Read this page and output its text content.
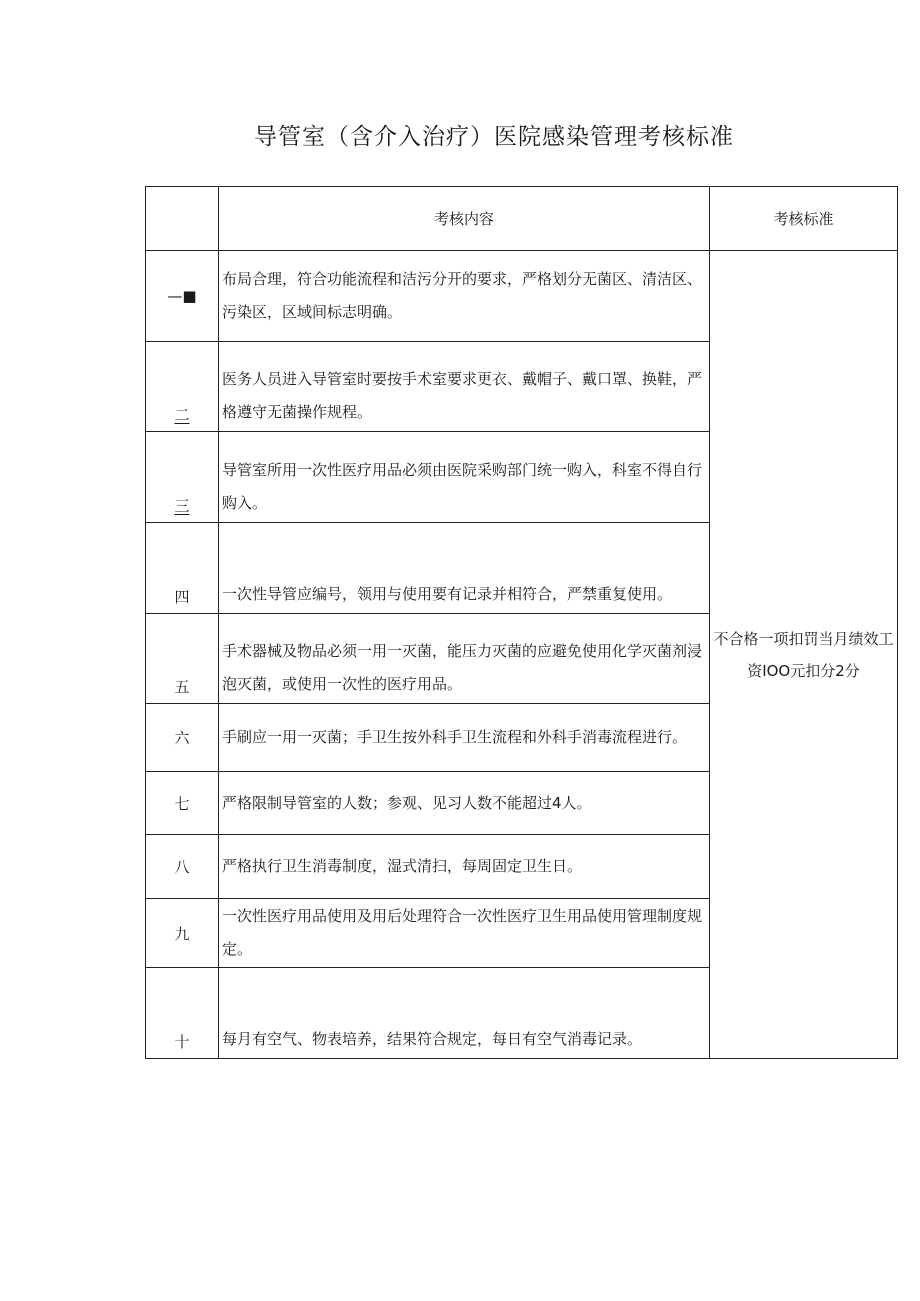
导管室（含介入治疗）医院感染管理考核标准
	考核内容	考核标准
—■	布局合理，符合功能流程和洁污分开的要求，严格划分无菌区、清洁区、污染区，区域间标志明确。	不合格一项扣罚当月绩效工资IOO元扣分2分
二	医务人员进入导管室时要按手术室要求更衣、戴帽子、戴口罩、换鞋，严格遵守无菌操作规程。	
三	导管室所用一次性医疗用品必须由医院采购部门统一购入，科室不得自行购入。	
四	一次性导管应编号，领用与使用要有记录并相符合，严禁重复使用。	
五	手术器械及物品必须一用一灭菌，能压力灭菌的应避免使用化学灭菌剂浸泡灭菌，或使用一次性的医疗用品。	
六	手刷应一用一灭菌；手卫生按外科手卫生流程和外科手消毒流程进行。	
七	严格限制导管室的人数；参观、见习人数不能超过4人。	
八	严格执行卫生消毒制度，湿式清扫，每周固定卫生日。	
九	一次性医疗用品使用及用后处理符合一次性医疗卫生用品使用管理制度规定。	
十	每月有空气、物表培养，结果符合规定，每日有空气消毒记录。	
